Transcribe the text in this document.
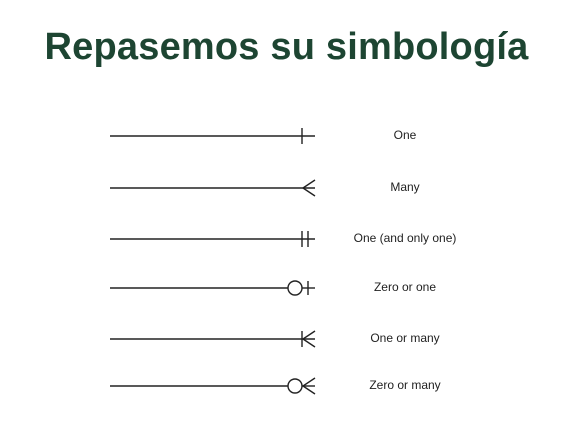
Repasemos su simbología
One
Many
One (and only one)
Zero or one
One or many
Zero or many
